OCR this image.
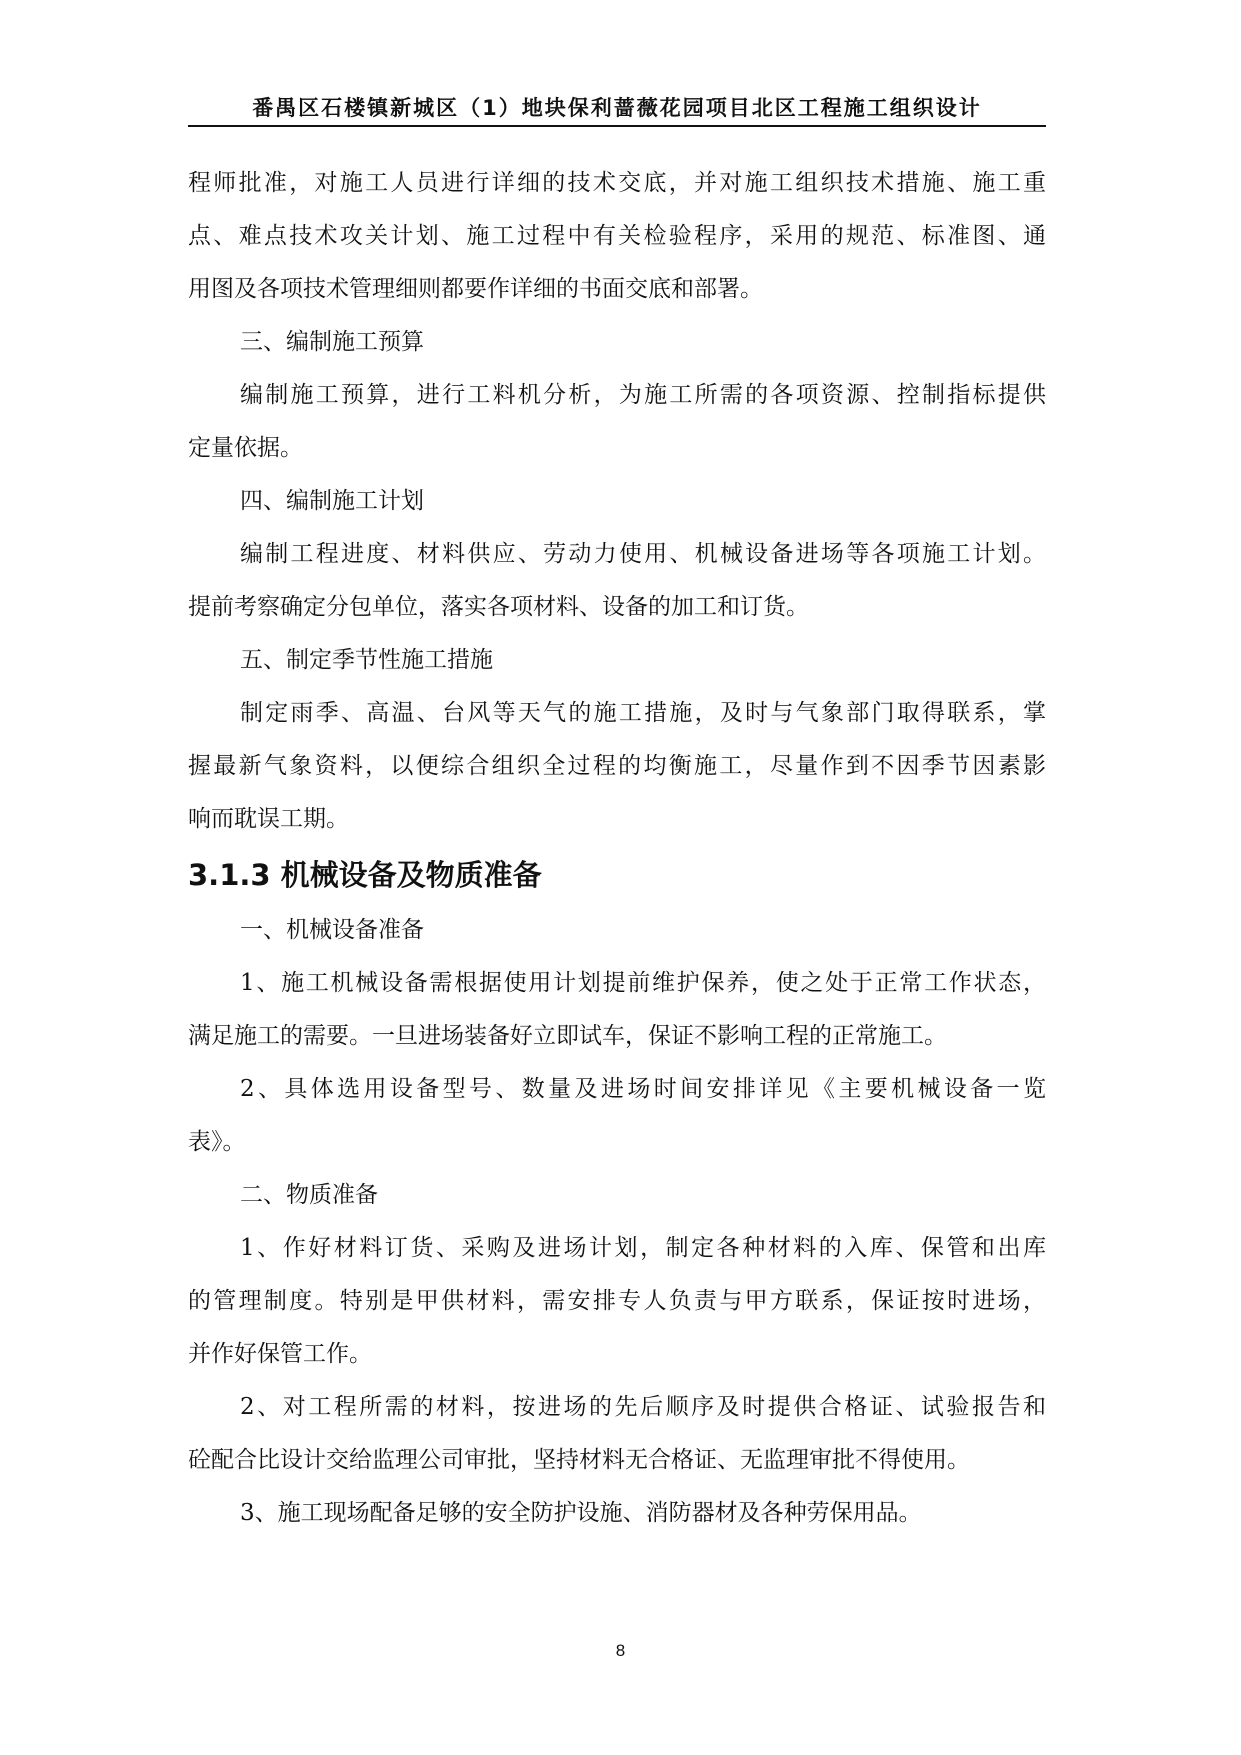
番禺区石楼镇新城区（1）地块保利蔷薇花园项目北区工程施工组织设计
程师批准，对施工人员进行详细的技术交底，并对施工组织技术措施、施工重
点、难点技术攻关计划、施工过程中有关检验程序，采用的规范、标准图、通
用图及各项技术管理细则都要作详细的书面交底和部署。
三、编制施工预算
编制施工预算，进行工料机分析，为施工所需的各项资源、控制指标提供
定量依据。
四、编制施工计划
编制工程进度、材料供应、劳动力使用、机械设备进场等各项施工计划。
提前考察确定分包单位，落实各项材料、设备的加工和订货。
五、制定季节性施工措施
制定雨季、高温、台风等天气的施工措施，及时与气象部门取得联系，掌
握最新气象资料，以便综合组织全过程的均衡施工，尽量作到不因季节因素影
响而耽误工期。
3.1.3 机械设备及物质准备
一、机械设备准备
1、施工机械设备需根据使用计划提前维护保养，使之处于正常工作状态，
满足施工的需要。一旦进场装备好立即试车，保证不影响工程的正常施工。
2、具体选用设备型号、数量及进场时间安排详见《主要机械设备一览
表》。
二、物质准备
1、作好材料订货、采购及进场计划，制定各种材料的入库、保管和出库
的管理制度。特别是甲供材料，需安排专人负责与甲方联系，保证按时进场，
并作好保管工作。
2、对工程所需的材料，按进场的先后顺序及时提供合格证、试验报告和
砼配合比设计交给监理公司审批，坚持材料无合格证、无监理审批不得使用。
3、施工现场配备足够的安全防护设施、消防器材及各种劳保用品。
8
